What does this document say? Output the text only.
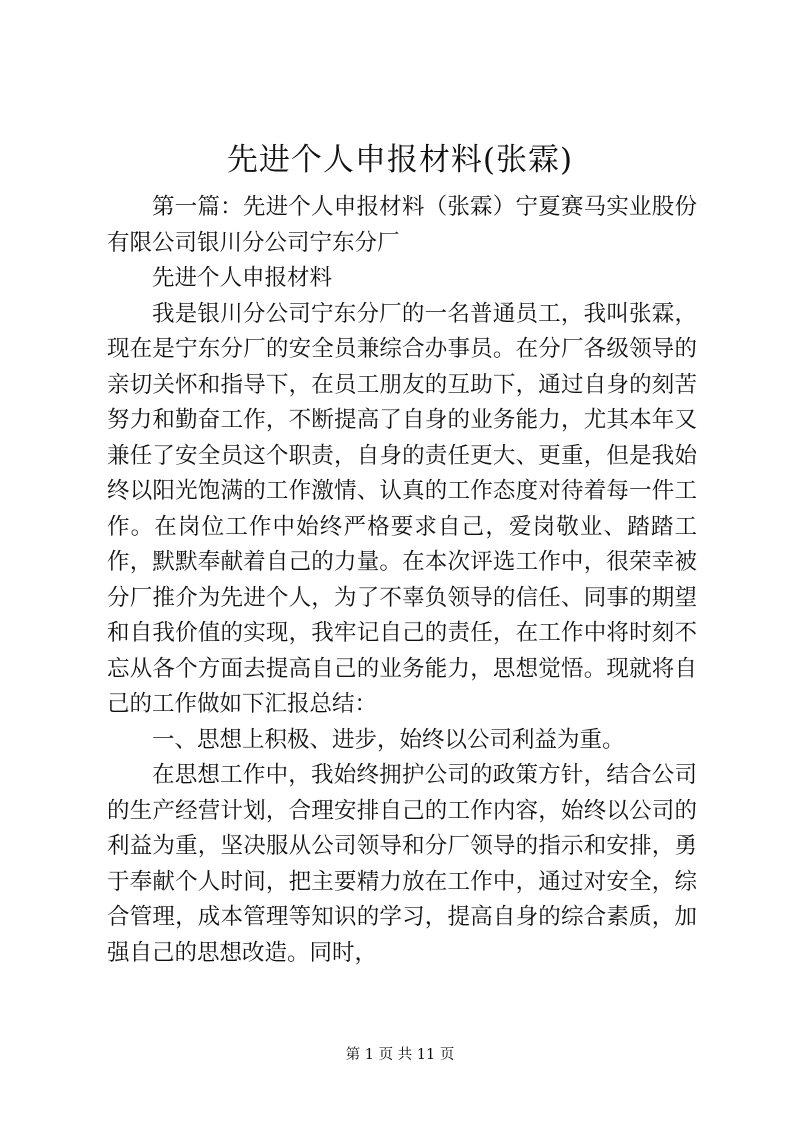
先进个人申报材料(张霖)

第一篇：先进个人申报材料（张霖）宁夏赛马实业股份有限公司银川分公司宁东分厂

先进个人申报材料

我是银川分公司宁东分厂的一名普通员工，我叫张霖，现在是宁东分厂的安全员兼综合办事员。在分厂各级领导的亲切关怀和指导下，在员工朋友的互助下，通过自身的刻苦努力和勤奋工作，不断提高了自身的业务能力，尤其本年又兼任了安全员这个职责，自身的责任更大、更重，但是我始终以阳光饱满的工作激情、认真的工作态度对待着每一件工作。在岗位工作中始终严格要求自己，爱岗敬业、踏踏工作，默默奉献着自己的力量。在本次评选工作中，很荣幸被分厂推介为先进个人，为了不辜负领导的信任、同事的期望和自我价值的实现，我牢记自己的责任，在工作中将时刻不忘从各个方面去提高自己的业务能力，思想觉悟。现就将自己的工作做如下汇报总结：

一、思想上积极、进步，始终以公司利益为重。

在思想工作中，我始终拥护公司的政策方针，结合公司的生产经营计划，合理安排自己的工作内容，始终以公司的利益为重，坚决服从公司领导和分厂领导的指示和安排，勇于奉献个人时间，把主要精力放在工作中，通过对安全，综合管理，成本管理等知识的学习，提高自身的综合素质，加强自己的思想改造。同时，

第 1 页 共 11 页
